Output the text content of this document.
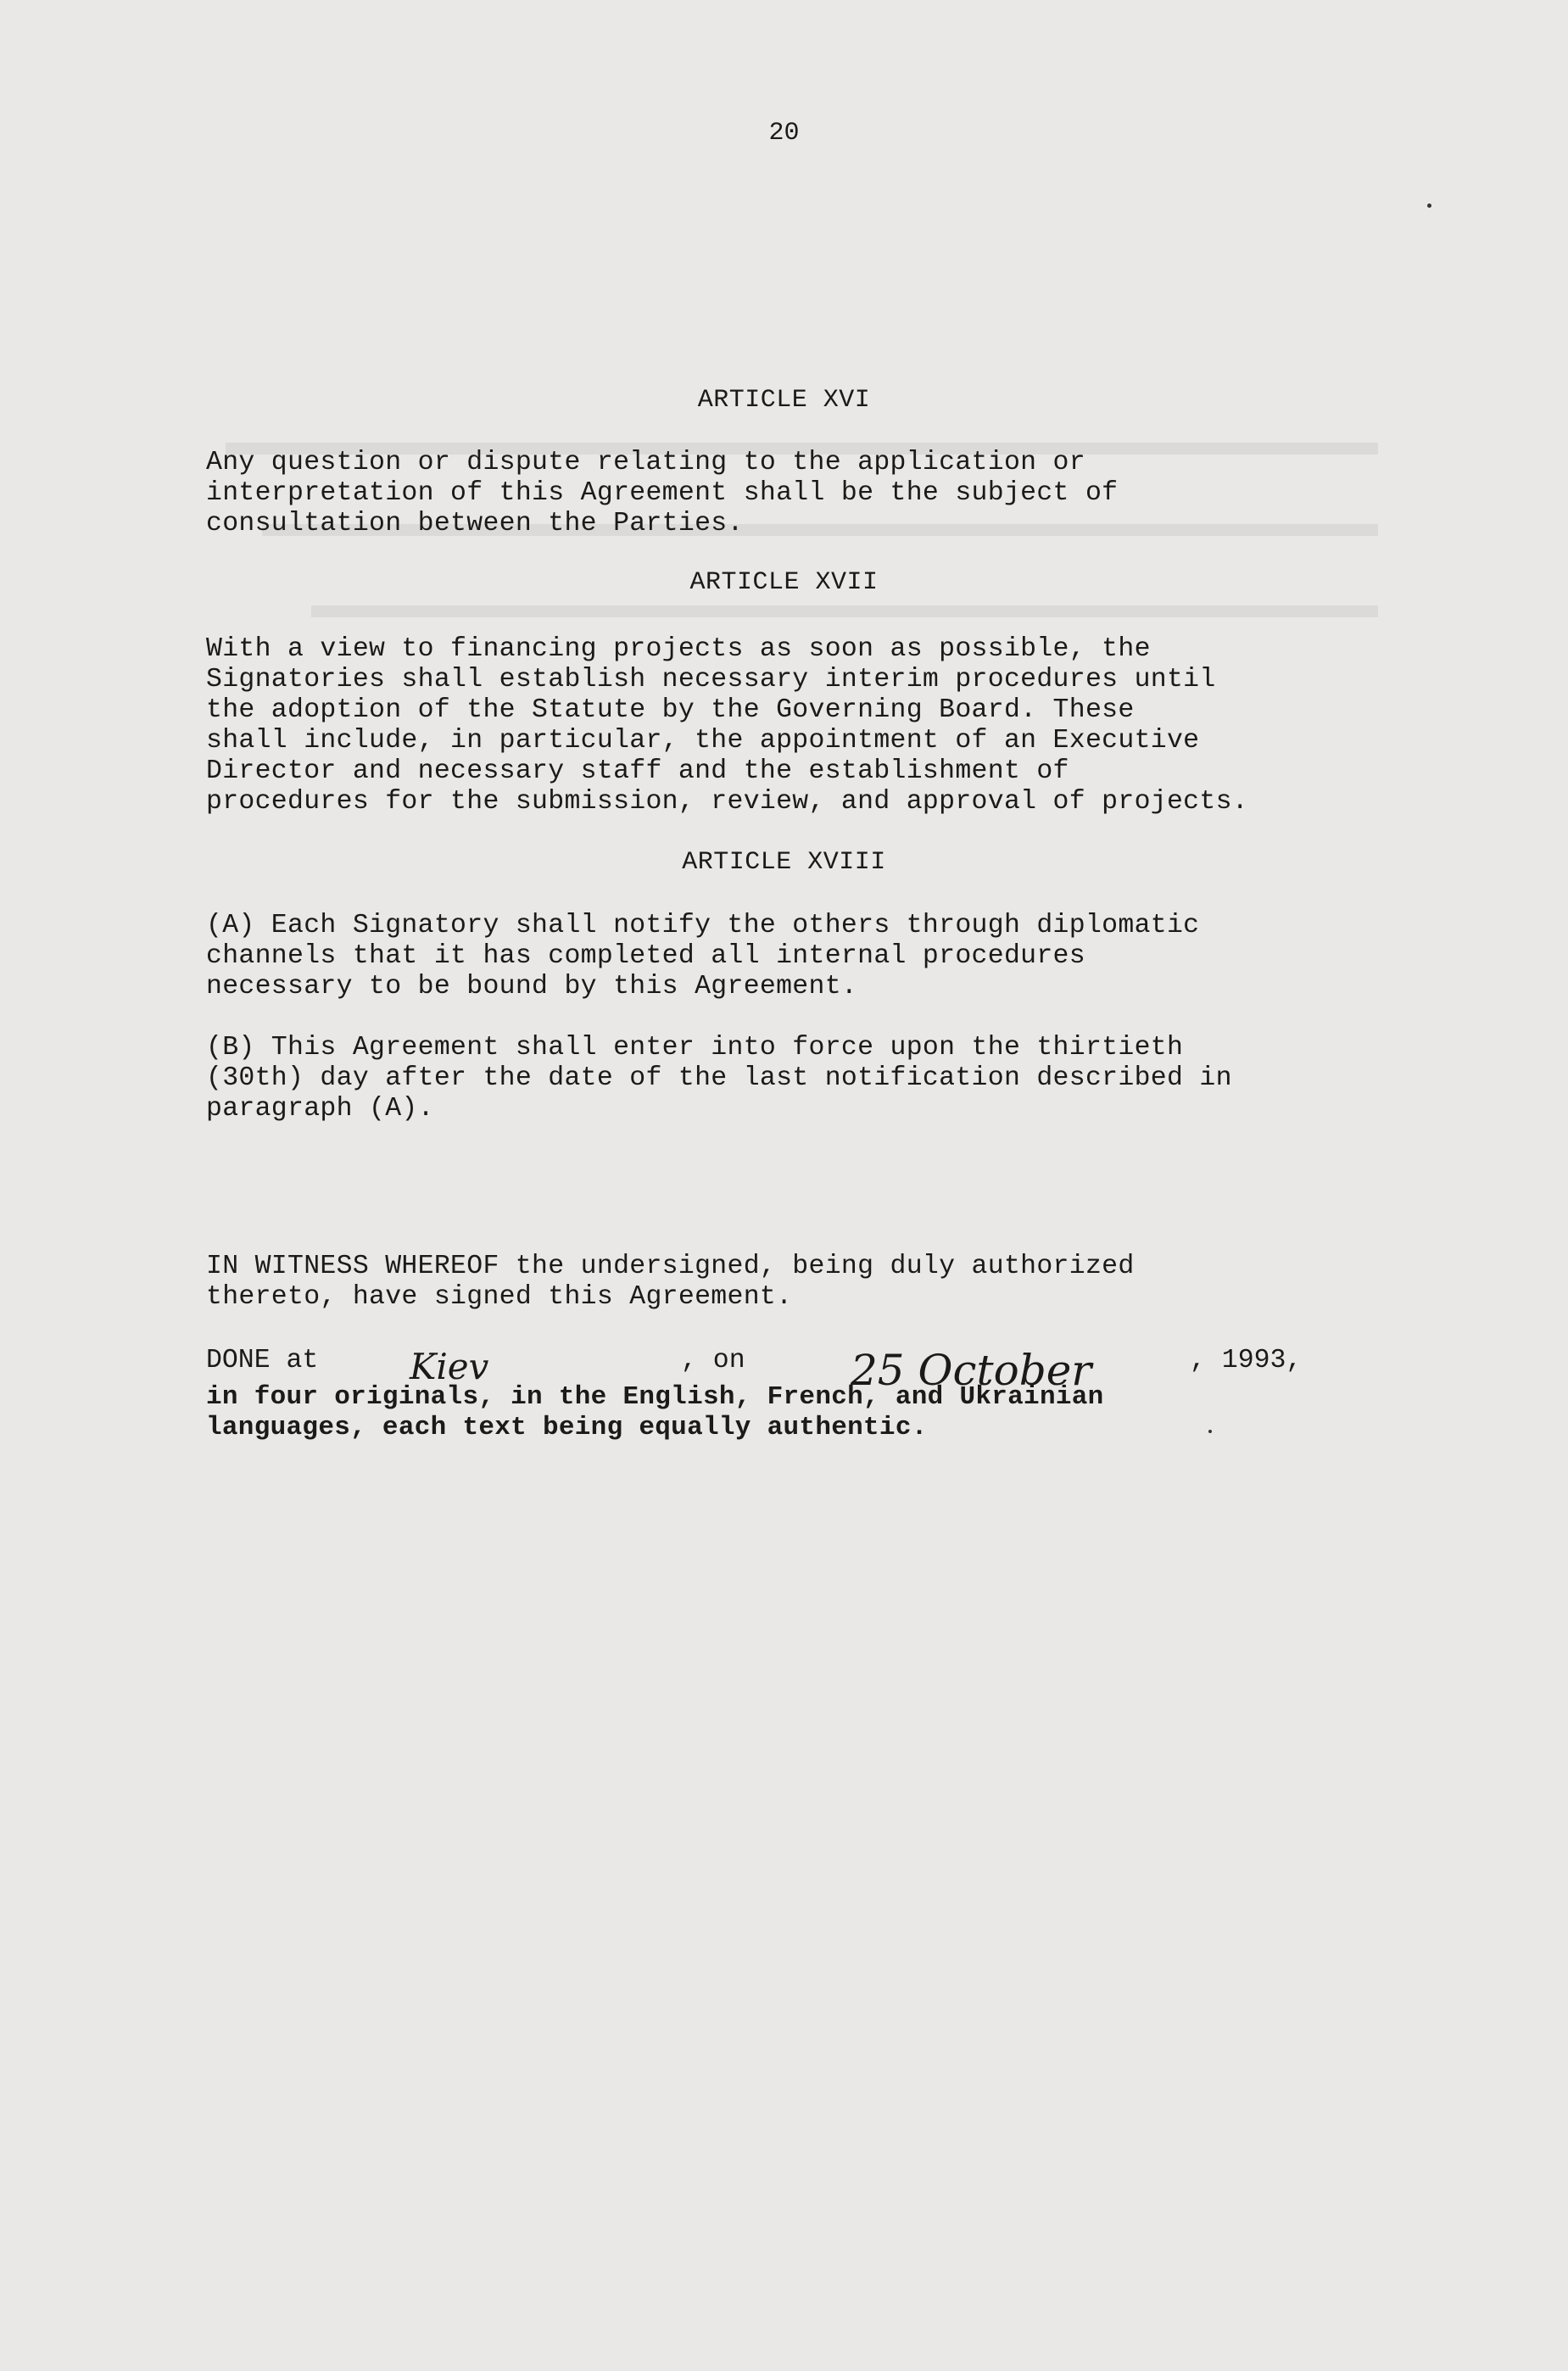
20
ARTICLE XVI
Any question or dispute relating to the application or
interpretation of this Agreement shall be the subject of
consultation between the Parties.
ARTICLE XVII
With a view to financing projects as soon as possible, the
Signatories shall establish necessary interim procedures until
the adoption of the Statute by the Governing Board. These
shall include, in particular, the appointment of an Executive
Director and necessary staff and the establishment of
procedures for the submission, review, and approval of projects.
ARTICLE XVIII
(A) Each Signatory shall notify the others through diplomatic
channels that it has completed all internal procedures
necessary to be bound by this Agreement.
(B) This Agreement shall enter into force upon the thirtieth
(30th) day after the date of the last notification described in
paragraph (A).
IN WITNESS WHEREOF the undersigned, being duly authorized
thereto, have signed this Agreement.
DONE at	Kiev	, on 25 October	, 1993,
in four originals, in the English, French, and Ukrainian
languages, each text being equally authentic.
